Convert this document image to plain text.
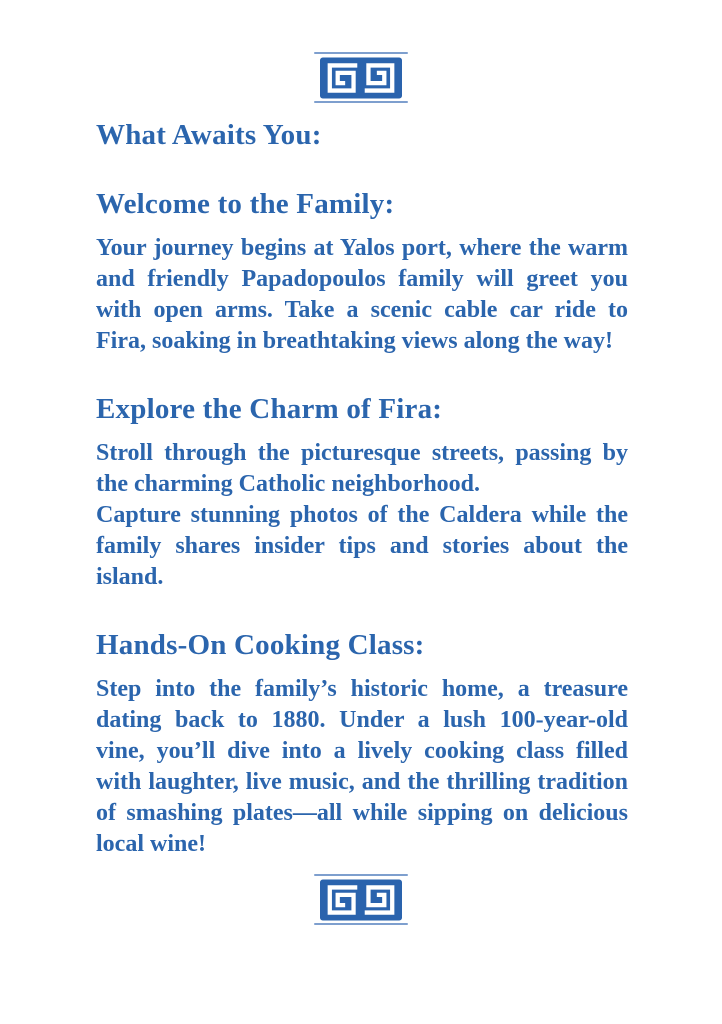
What Awaits You:
Welcome to the Family:

Your journey begins at Yalos port, where the warm and friendly Papadopoulos family will greet you with open arms. Take a scenic cable car ride to Fira, soaking in breathtaking views along the way!

Explore the Charm of Fira:

Stroll through the picturesque streets, passing by the charming Catholic neighborhood.

Capture stunning photos of the Caldera while the family shares insider tips and stories about the island.

Hands-On Cooking Class:

Step into the family’s historic home, a treasure dating back to 1880. Under a lush 100-year-old vine, you’ll dive into a lively cooking class filled with laughter, live music, and the thrilling tradition of smashing plates—all while sipping on delicious local wine!
